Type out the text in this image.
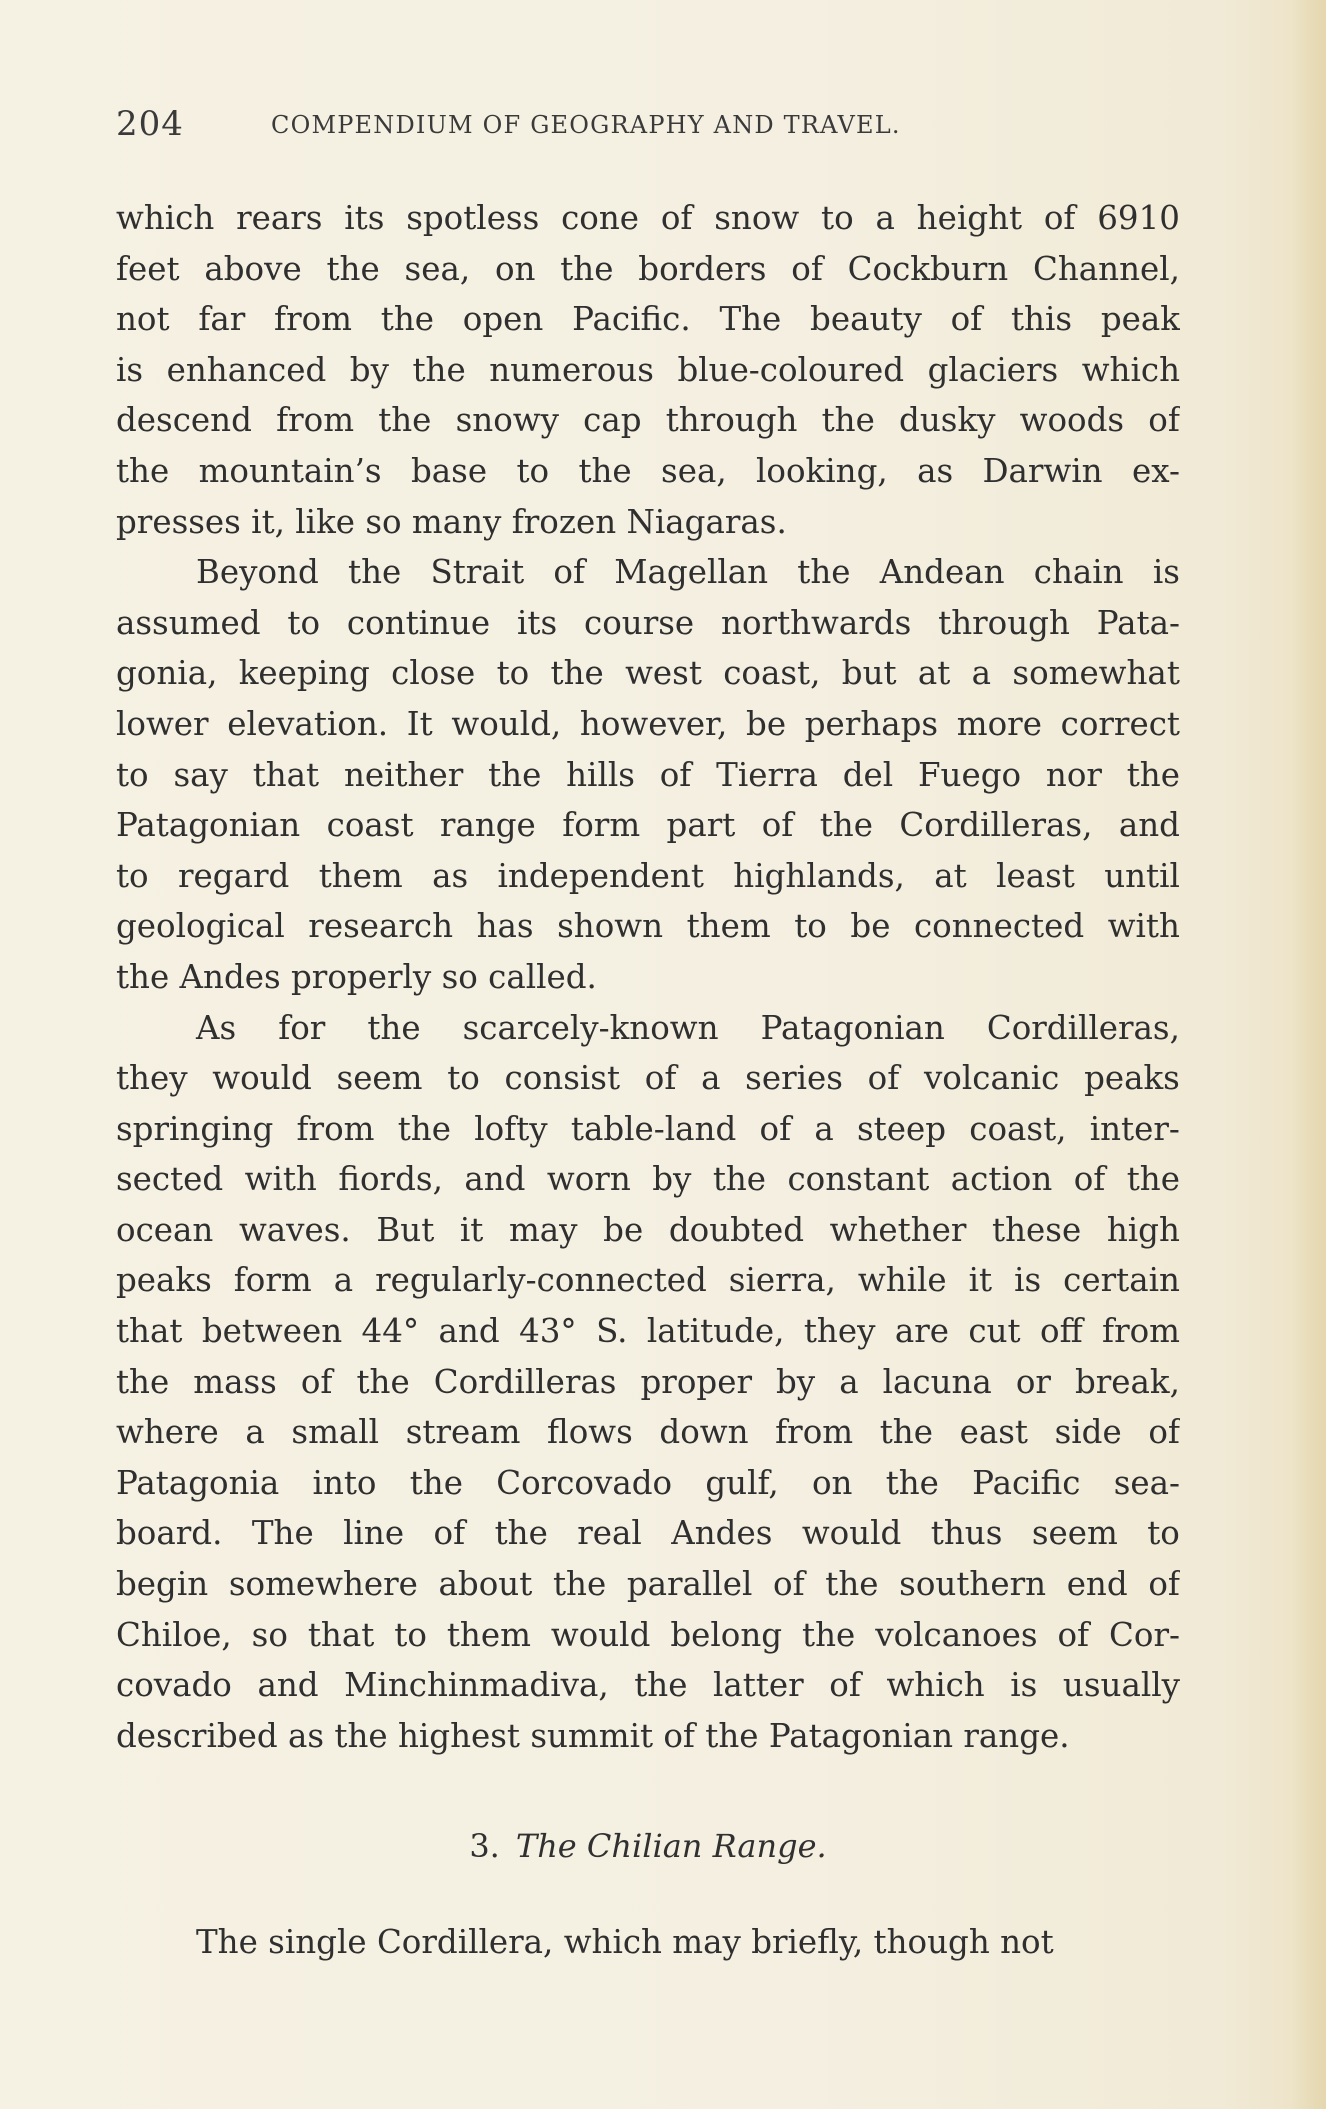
204	COMPENDIUM OF GEOGRAPHY AND TRAVEL.
which rears its spotless cone of snow to a height of 6910
feet above the sea, on the borders of Cockburn Channel,
not far from the open Pacific. The beauty of this peak
is enhanced by the numerous blue-coloured glaciers which
descend from the snowy cap through the dusky woods of
the mountain’s base to the sea, looking, as Darwin ex-
presses it, like so many frozen Niagaras.
Beyond the Strait of Magellan the Andean chain is
assumed to continue its course northwards through Pata-
gonia, keeping close to the west coast, but at a somewhat
lower elevation. It would, however, be perhaps more correct
to say that neither the hills of Tierra del Fuego nor the
Patagonian coast range form part of the Cordilleras, and
to regard them as independent highlands, at least until
geological research has shown them to be connected with
the Andes properly so called.
As for the scarcely-known Patagonian Cordilleras,
they would seem to consist of a series of volcanic peaks
springing from the lofty table-land of a steep coast, inter-
sected with fiords, and worn by the constant action of the
ocean waves. But it may be doubted whether these high
peaks form a regularly-connected sierra, while it is certain
that between 44° and 43° S. latitude, they are cut off from
the mass of the Cordilleras proper by a lacuna or break,
where a small stream flows down from the east side of
Patagonia into the Corcovado gulf, on the Pacific sea-
board. The line of the real Andes would thus seem to
begin somewhere about the parallel of the southern end of
Chiloe, so that to them would belong the volcanoes of Cor-
covado and Minchinmadiva, the latter of which is usually
described as the highest summit of the Patagonian range.
3. The Chilian Range.
The single Cordillera, which may briefly, though not
